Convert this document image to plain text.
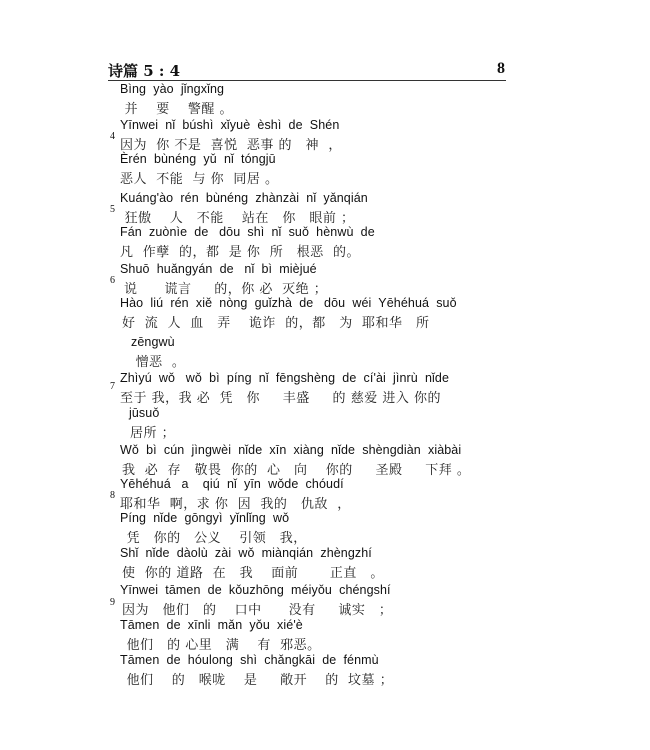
诗篇 5 : 4	8
Bìng  yào  jǐngxǐng
并　 要　 警醒 。
Yīnwei  nǐ  búshì  xǐyuè  èshì  de  Shén
4
因为  你 不是  喜悦  恶事 的　神  ，
Èrén  bùnéng  yǔ  nǐ  tóngjū
恶人  不能  与 你  同居 。
Kuáng'ào  rén  bùnéng  zhànzài  nǐ  yǎnqián
5
狂傲　 人　不能　 站在　你　眼前 ；
Fán  zuònìe  de   dōu  shì  nǐ  suǒ  hènwù  de
凡  作孽  的，都  是 你  所　根恶  的。
Shuō  huǎngyán  de   nǐ  bì  mièjué
6
说　　谎言　  的，你 必  灭绝 ；
Hào  liú  rén  xiě  nòng  guǐzhà  de   dōu  wéi  Yēhéhuá  suǒ
好  流  人  血　弄　 诡诈  的，都　为  耶和华　所
zēngwù
憎恶  。
Zhìyú  wǒ   wǒ  bì  píng  nǐ  fēngshèng  de  cí'ài  jìnrù  nǐde
7
至于 我，我 必  凭　你　  丰盛　  的 慈爱 进入 你的
jūsuǒ
居所 ；
Wǒ  bì  cún  jìngwèi  nǐde  xīn  xiàng  nǐde  shèngdiàn  xiàbài
我  必  存　敬畏  你的  心　向　 你的　  圣殿　  下拜 。
Yēhéhuá   a    qiú  nǐ  yīn  wǒde  chóudí
8
耶和华  啊，求 你  因  我的　仇敌  ，
Píng  nǐde  gōngyì  yǐnlǐng  wǒ
凭　你的　公义　 引领　我，
Shǐ  nǐde  dàolù  zài  wǒ  miànqián  zhèngzhí
使  你的 道路  在　我　 面前　　 正直　。
Yīnwei  tāmen  de  kǒuzhōng  méiyǒu  chéngshí
9
因为　他们　的　 口中　　没有　  诚实　；
Tāmen  de  xīnli  mǎn  yǒu  xié'è
他们　的 心里　满　 有  邪恶。
Tāmen  de  hóulong  shì  chǎngkāi  de  fénmù
他们　 的　喉咙　 是　  敞开　 的  坟墓 ；
